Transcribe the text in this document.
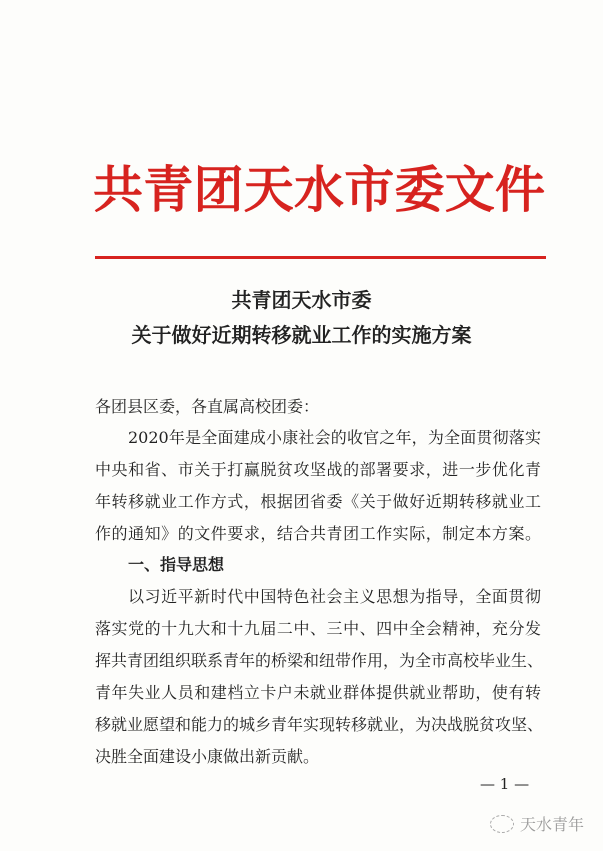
共青团天水市委文件
共青团天水市委
关于做好近期转移就业工作的实施方案
各团县区委，各直属高校团委：
2020年是全面建成小康社会的收官之年，为全面贯彻落实
中央和省、市关于打赢脱贫攻坚战的部署要求，进一步优化青
年转移就业工作方式，根据团省委《关于做好近期转移就业工
作的通知》的文件要求，结合共青团工作实际，制定本方案。
一、指导思想
以习近平新时代中国特色社会主义思想为指导，全面贯彻
落实党的十九大和十九届二中、三中、四中全会精神，充分发
挥共青团组织联系青年的桥梁和纽带作用，为全市高校毕业生、
青年失业人员和建档立卡户未就业群体提供就业帮助，使有转
移就业愿望和能力的城乡青年实现转移就业，为决战脱贫攻坚、
决胜全面建设小康做出新贡献。
— 1 —
天水青年
